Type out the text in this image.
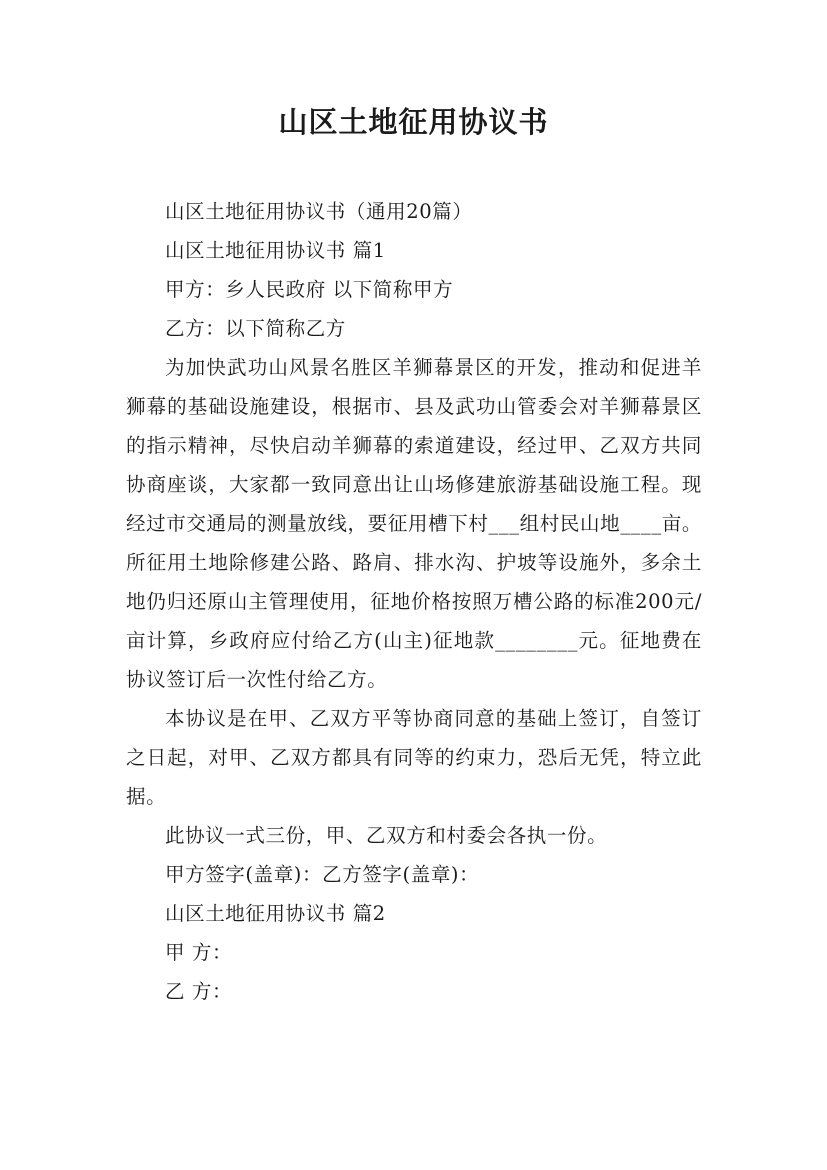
山区土地征用协议书

山区土地征用协议书（通用20篇）

山区土地征用协议书 篇1

甲方：乡人民政府 以下简称甲方

乙方：以下简称乙方

为加快武功山风景名胜区羊狮幕景区的开发，推动和促进羊狮幕的基础设施建设，根据市、县及武功山管委会对羊狮幕景区的指示精神，尽快启动羊狮幕的索道建设，经过甲、乙双方共同协商座谈，大家都一致同意出让山场修建旅游基础设施工程。现经过市交通局的测量放线，要征用槽下村___组村民山地____亩。所征用土地除修建公路、路肩、排水沟、护坡等设施外，多余土地仍归还原山主管理使用，征地价格按照万槽公路的标准200元/亩计算，乡政府应付给乙方(山主)征地款________元。征地费在协议签订后一次性付给乙方。

本协议是在甲、乙双方平等协商同意的基础上签订，自签订之日起，对甲、乙双方都具有同等的约束力，恐后无凭，特立此据。

此协议一式三份，甲、乙双方和村委会各执一份。

甲方签字(盖章)：乙方签字(盖章)：

山区土地征用协议书 篇2

甲 方：

乙 方：
